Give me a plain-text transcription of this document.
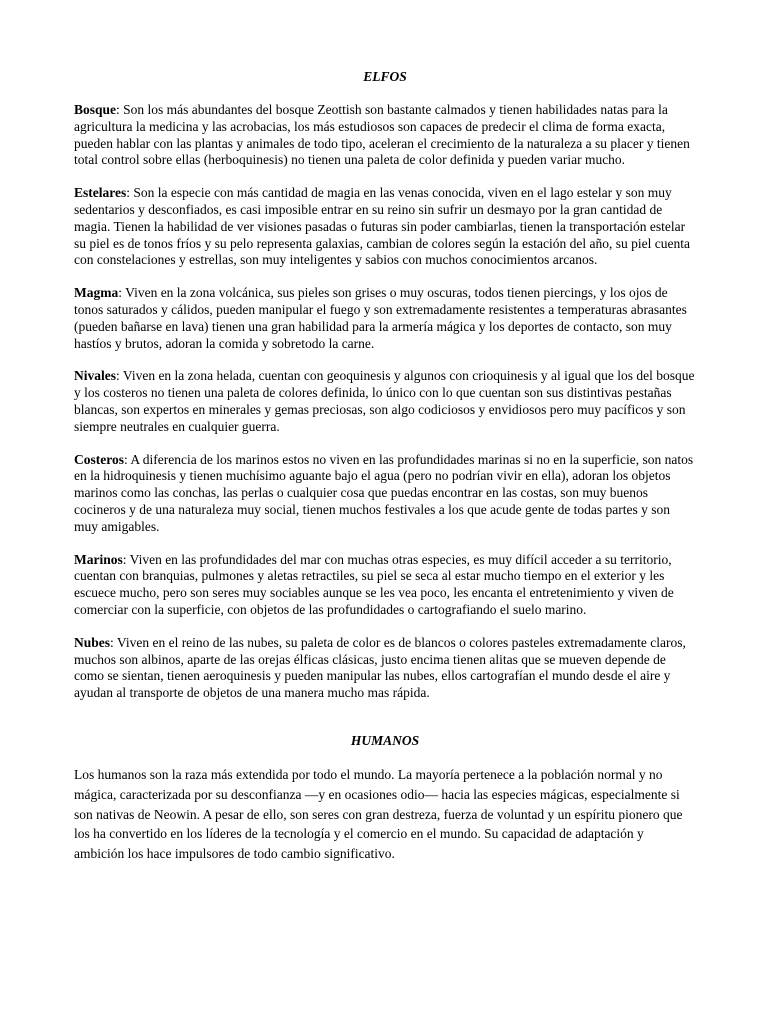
ELFOS

Bosque: Son los más abundantes del bosque Zeottish son bastante calmados y tienen habilidades natas para la agricultura la medicina y las acrobacias, los más estudiosos son capaces de predecir el clima de forma exacta, pueden hablar con las plantas y animales de todo tipo, aceleran el crecimiento de la naturaleza a su placer y tienen total control sobre ellas (herboquinesis) no tienen una paleta de color definida y pueden variar mucho.

Estelares: Son la especie con más cantidad de magia en las venas conocida, viven en el lago estelar y son muy sedentarios y desconfiados, es casi imposible entrar en su reino sin sufrir un desmayo por la gran cantidad de magia. Tienen la habilidad de ver visiones pasadas o futuras sin poder cambiarlas, tienen la transportación estelar su piel es de tonos fríos y su pelo representa galaxias, cambian de colores según la estación del año, su piel cuenta con constelaciones y estrellas, son muy inteligentes y sabios con muchos conocimientos arcanos.

Magma: Viven en la zona volcánica, sus pieles son grises o muy oscuras, todos tienen piercings, y los ojos de tonos saturados y cálidos, pueden manipular el fuego y son extremadamente resistentes a temperaturas abrasantes (pueden bañarse en lava) tienen una gran habilidad para la armería mágica y los deportes de contacto, son muy hastíos y brutos, adoran la comida y sobretodo la carne.

Nivales: Viven en la zona helada, cuentan con geoquinesis y algunos con crioquinesis y al igual que los del bosque y los costeros no tienen una paleta de colores definida, lo único con lo que cuentan son sus distintivas pestañas blancas, son expertos en minerales y gemas preciosas, son algo codiciosos y envidiosos pero muy pacíficos y son siempre neutrales en cualquier guerra.

Costeros: A diferencia de los marinos estos no viven en las profundidades marinas si no en la superficie, son natos en la hidroquinesis y tienen muchísimo aguante bajo el agua (pero no podrían vivir en ella), adoran los objetos marinos como las conchas, las perlas o cualquier cosa que puedas encontrar en las costas, son muy buenos cocineros y de una naturaleza muy social, tienen muchos festivales a los que acude gente de todas partes y son muy amigables.

Marinos: Viven en las profundidades del mar con muchas otras especies, es muy difícil acceder a su territorio, cuentan con branquias, pulmones y aletas retractiles, su piel se seca al estar mucho tiempo en el exterior y les escuece mucho, pero son seres muy sociables aunque se les vea poco, les encanta el entretenimiento y viven de comerciar con la superficie, con objetos de las profundidades o cartografiando el suelo marino.

Nubes: Viven en el reino de las nubes, su paleta de color es de blancos o colores pasteles extremadamente claros, muchos son albinos, aparte de las orejas élficas clásicas, justo encima tienen alitas que se mueven depende de como se sientan, tienen aeroquinesis y pueden manipular las nubes, ellos cartografían el mundo desde el aire y ayudan al transporte de objetos de una manera mucho mas rápida.

HUMANOS

Los humanos son la raza más extendida por todo el mundo. La mayoría pertenece a la población normal y no mágica, caracterizada por su desconfianza —y en ocasiones odio— hacia las especies mágicas, especialmente si son nativas de Neowin. A pesar de ello, son seres con gran destreza, fuerza de voluntad y un espíritu pionero que los ha convertido en los líderes de la tecnología y el comercio en el mundo. Su capacidad de adaptación y ambición los hace impulsores de todo cambio significativo.
